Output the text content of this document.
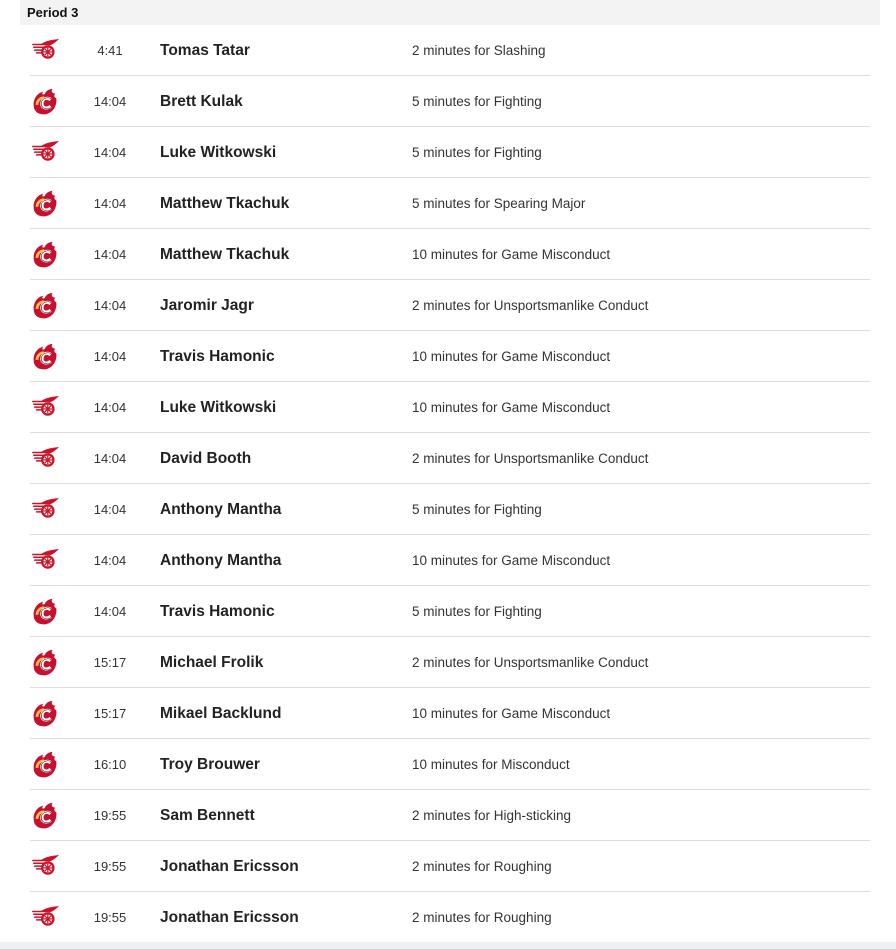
Period 3
4:41	Tomas Tatar	2 minutes for Slashing
14:04	Brett Kulak	5 minutes for Fighting
14:04	Luke Witkowski	5 minutes for Fighting
14:04	Matthew Tkachuk	5 minutes for Spearing Major
14:04	Matthew Tkachuk	10 minutes for Game Misconduct
14:04	Jaromir Jagr	2 minutes for Unsportsmanlike Conduct
14:04	Travis Hamonic	10 minutes for Game Misconduct
14:04	Luke Witkowski	10 minutes for Game Misconduct
14:04	David Booth	2 minutes for Unsportsmanlike Conduct
14:04	Anthony Mantha	5 minutes for Fighting
14:04	Anthony Mantha	10 minutes for Game Misconduct
14:04	Travis Hamonic	5 minutes for Fighting
15:17	Michael Frolik	2 minutes for Unsportsmanlike Conduct
15:17	Mikael Backlund	10 minutes for Game Misconduct
16:10	Troy Brouwer	10 minutes for Misconduct
19:55	Sam Bennett	2 minutes for High-sticking
19:55	Jonathan Ericsson	2 minutes for Roughing
19:55	Jonathan Ericsson	2 minutes for Roughing
